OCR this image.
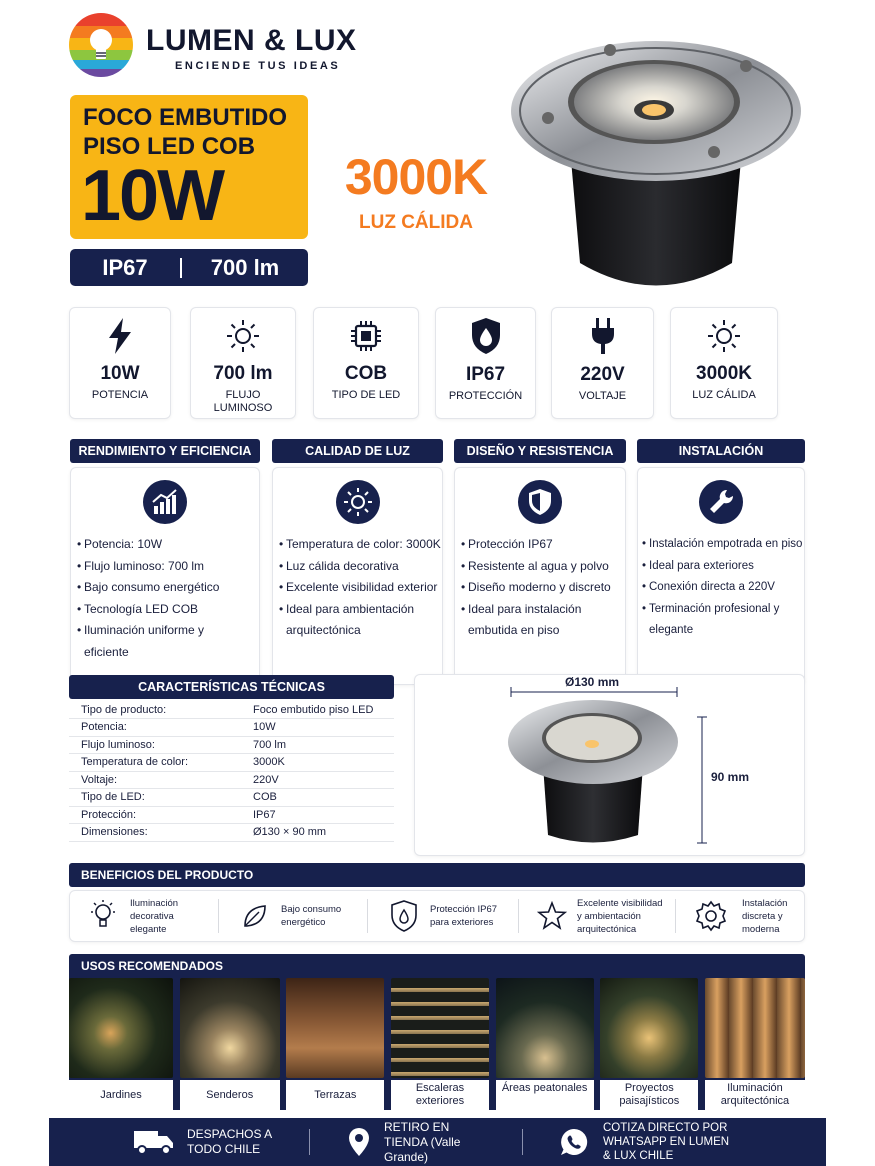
LUMEN & LUX
ENCIENDE TUS IDEAS
FOCO EMBUTIDO
PISO LED COB
10W
IP67	700 lm
3000K
LUZ CÁLIDA
10W
POTENCIA
700 lm
FLUJO LUMINOSO
COB
TIPO DE LED
IP67
PROTECCIÓN
220V
VOLTAJE
3000K
LUZ CÁLIDA
RENDIMIENTO Y EFICIENCIA
• Potencia: 10W
• Flujo luminoso: 700 lm
• Bajo consumo energético
• Tecnología LED COB
• Iluminación uniforme y eficiente
CALIDAD DE LUZ
• Temperatura de color: 3000K
• Luz cálida decorativa
• Excelente visibilidad exterior
• Ideal para ambientación arquitectónica
DISEÑO Y RESISTENCIA
• Protección IP67
• Resistente al agua y polvo
• Diseño moderno y discreto
• Ideal para instalación embutida en piso
INSTALACIÓN
• Instalación empotrada en piso
• Ideal para exteriores
• Conexión directa a 220V
• Terminación profesional y elegante
CARACTERÍSTICAS TÉCNICAS
Tipo de producto:	Foco embutido piso LED
Potencia:	10W
Flujo luminoso:	700 lm
Temperatura de color:	3000K
Voltaje:	220V
Tipo de LED:	COB
Protección:	IP67
Dimensiones:	Ø130 × 90 mm
Ø130 mm
90 mm
BENEFICIOS DEL PRODUCTO
Iluminación decorativa elegante
Bajo consumo energético
Protección IP67 para exteriores
Excelente visibilidad y ambientación arquitectónica
Instalación discreta y moderna
USOS RECOMENDADOS
Jardines	Senderos	Terrazas
Escaleras exteriores
Áreas peatonales	Proyectos paisajísticos
Iluminación arquitectónica
DESPACHOS A TODO CHILE
RETIRO EN TIENDA (Valle Grande)
COTIZA DIRECTO POR WHATSAPP EN LUMEN & LUX CHILE
